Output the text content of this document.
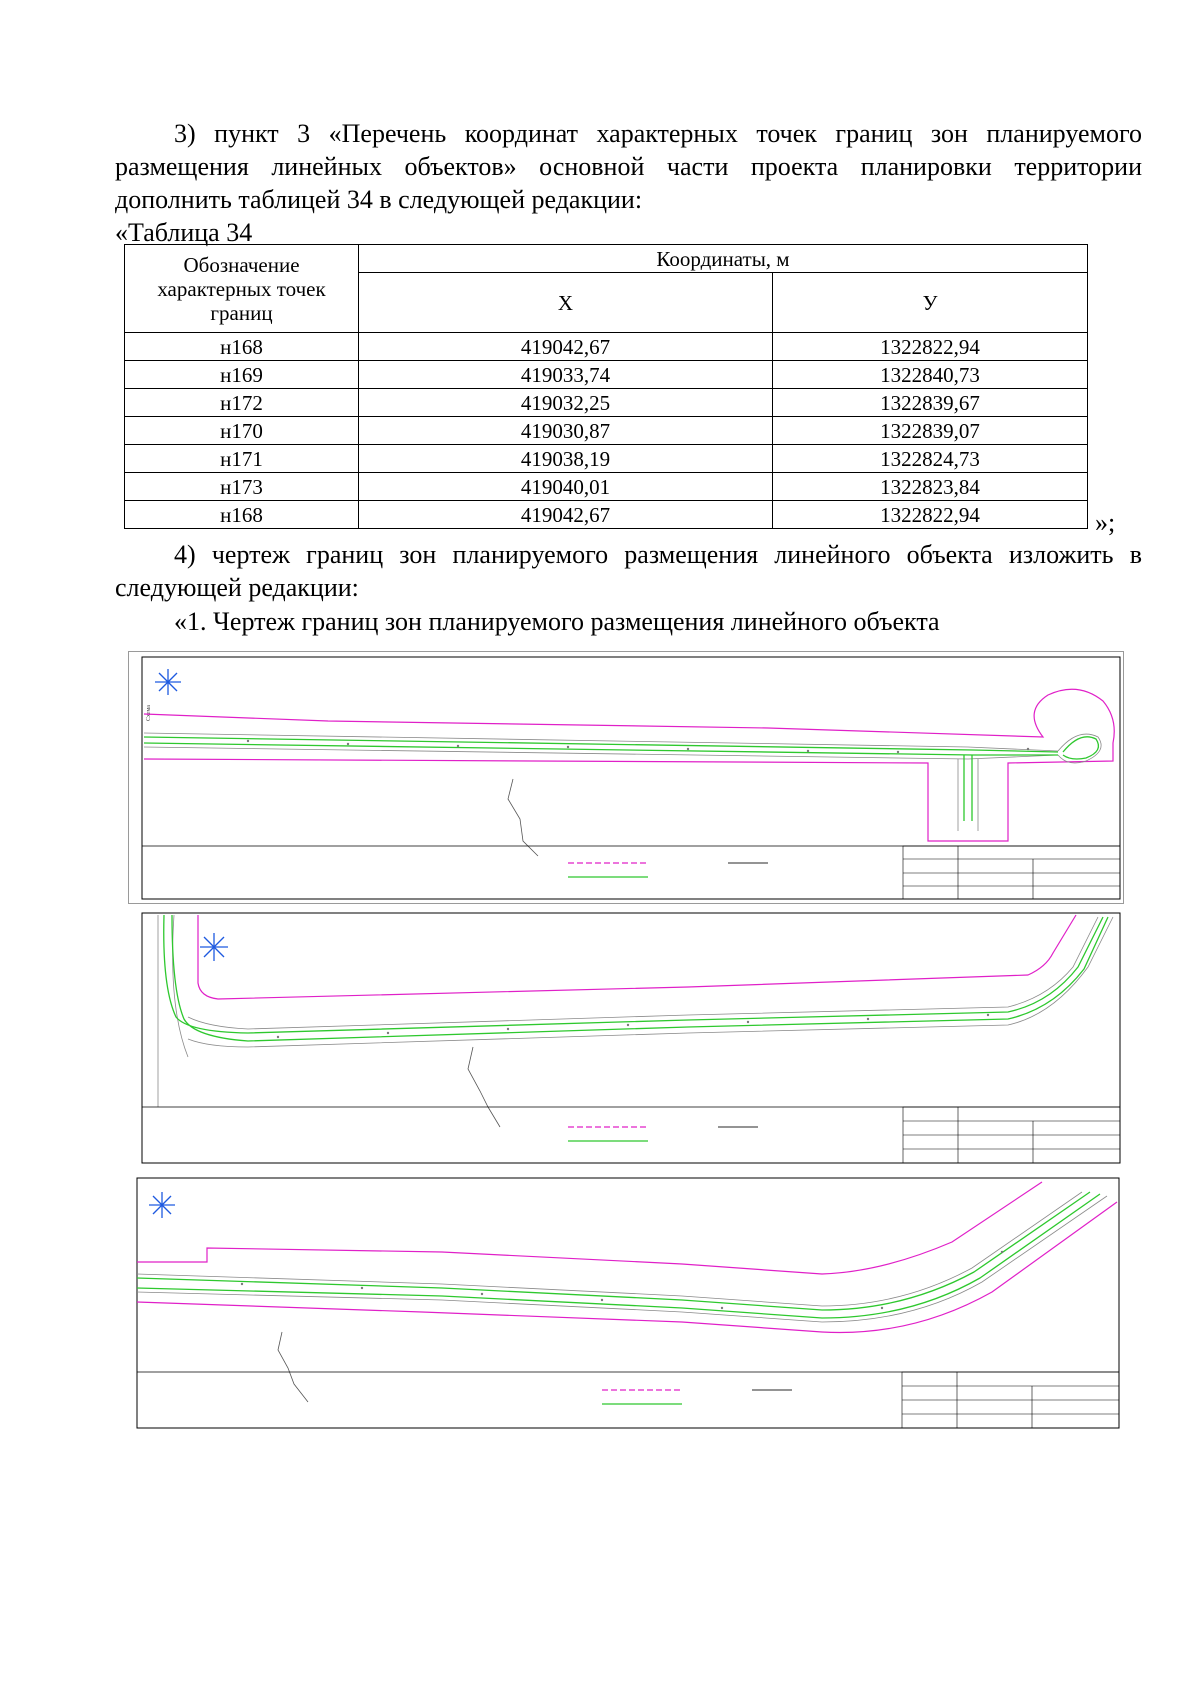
3) пункт 3 «Перечень координат характерных точек границ зон планируемого размещения линейных объектов» основной части проекта планировки территории дополнить таблицей 34 в следующей редакции:

«Таблица 34
Обозначение характерных точек границ	Координаты, м	
	X	У
н168	419042,67	1322822,94
н169	419033,74	1322840,73
н172	419032,25	1322839,67
н170	419030,87	1322839,07
н171	419038,19	1322824,73
н173	419040,01	1322823,84
н168	419042,67	1322822,94	»;

4) чертеж границ зон планируемого размещения линейного объекта изложить в следующей редакции:

«1. Чертеж границ зон планируемого размещения линейного объекта

Схема
